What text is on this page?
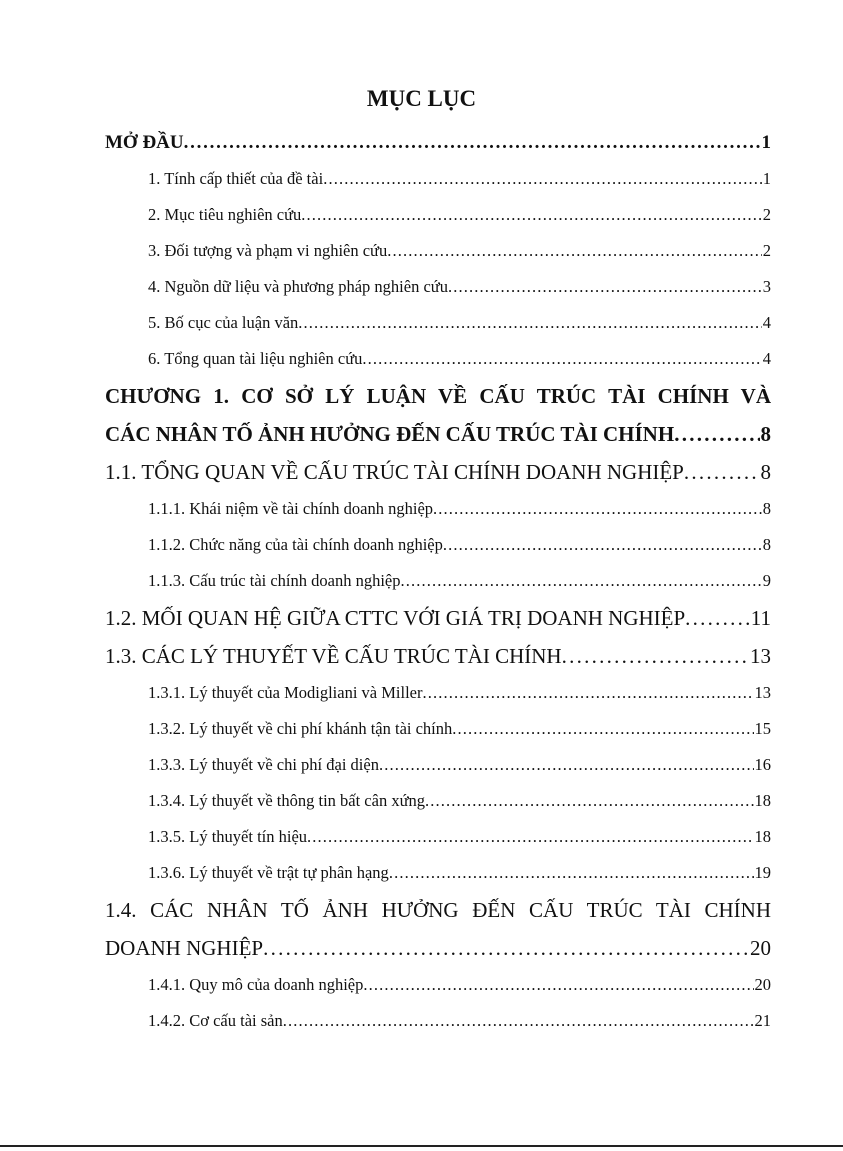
MỤC LỤC
MỞ ĐẦU . . .	1
1. Tính cấp thiết của đề tài . . .	1
2. Mục tiêu nghiên cứu . . .	2
3. Đối tượng và phạm vi nghiên cứu . . .	2
4. Nguồn dữ liệu và phương pháp nghiên cứu . . .	3
5. Bố cục của luận văn . . .	4
6. Tổng quan tài liệu nghiên cứu . . .	4
CHƯƠNG 1. CƠ SỞ LÝ LUẬN VỀ CẤU TRÚC TÀI CHÍNH VÀ
CÁC NHÂN TỐ ẢNH HƯỞNG ĐẾN CẤU TRÚC TÀI CHÍNH . . .	8
1.1. TỔNG QUAN VỀ CẤU TRÚC TÀI CHÍNH DOANH NGHIỆP . . .	8
1.1.1. Khái niệm về tài chính doanh nghiệp . . .	8
1.1.2. Chức năng của tài chính doanh nghiệp . . .	8
1.1.3. Cấu trúc tài chính doanh nghiệp . . .	9
1.2. MỐI QUAN HỆ GIỮA CTTC VỚI GIÁ TRỊ DOANH NGHIỆP . . .	11
1.3. CÁC LÝ THUYẾT VỀ CẤU TRÚC TÀI CHÍNH . . .	13
1.3.1. Lý thuyết của Modigliani và Miller . . .	13
1.3.2. Lý thuyết về chi phí khánh tận tài chính . . .	15
1.3.3. Lý thuyết về chi phí đại diện . . .	16
1.3.4. Lý thuyết về thông tin bất cân xứng . . .	18
1.3.5. Lý thuyết tín hiệu . . .	18
1.3.6. Lý thuyết về trật tự phân hạng . . .	19
1.4. CÁC NHÂN TỐ ẢNH HƯỞNG ĐẾN CẤU TRÚC TÀI CHÍNH
DOANH NGHIỆP . . .	20
1.4.1. Quy mô của doanh nghiệp . . .	20
1.4.2. Cơ cấu tài sản . . .	21
